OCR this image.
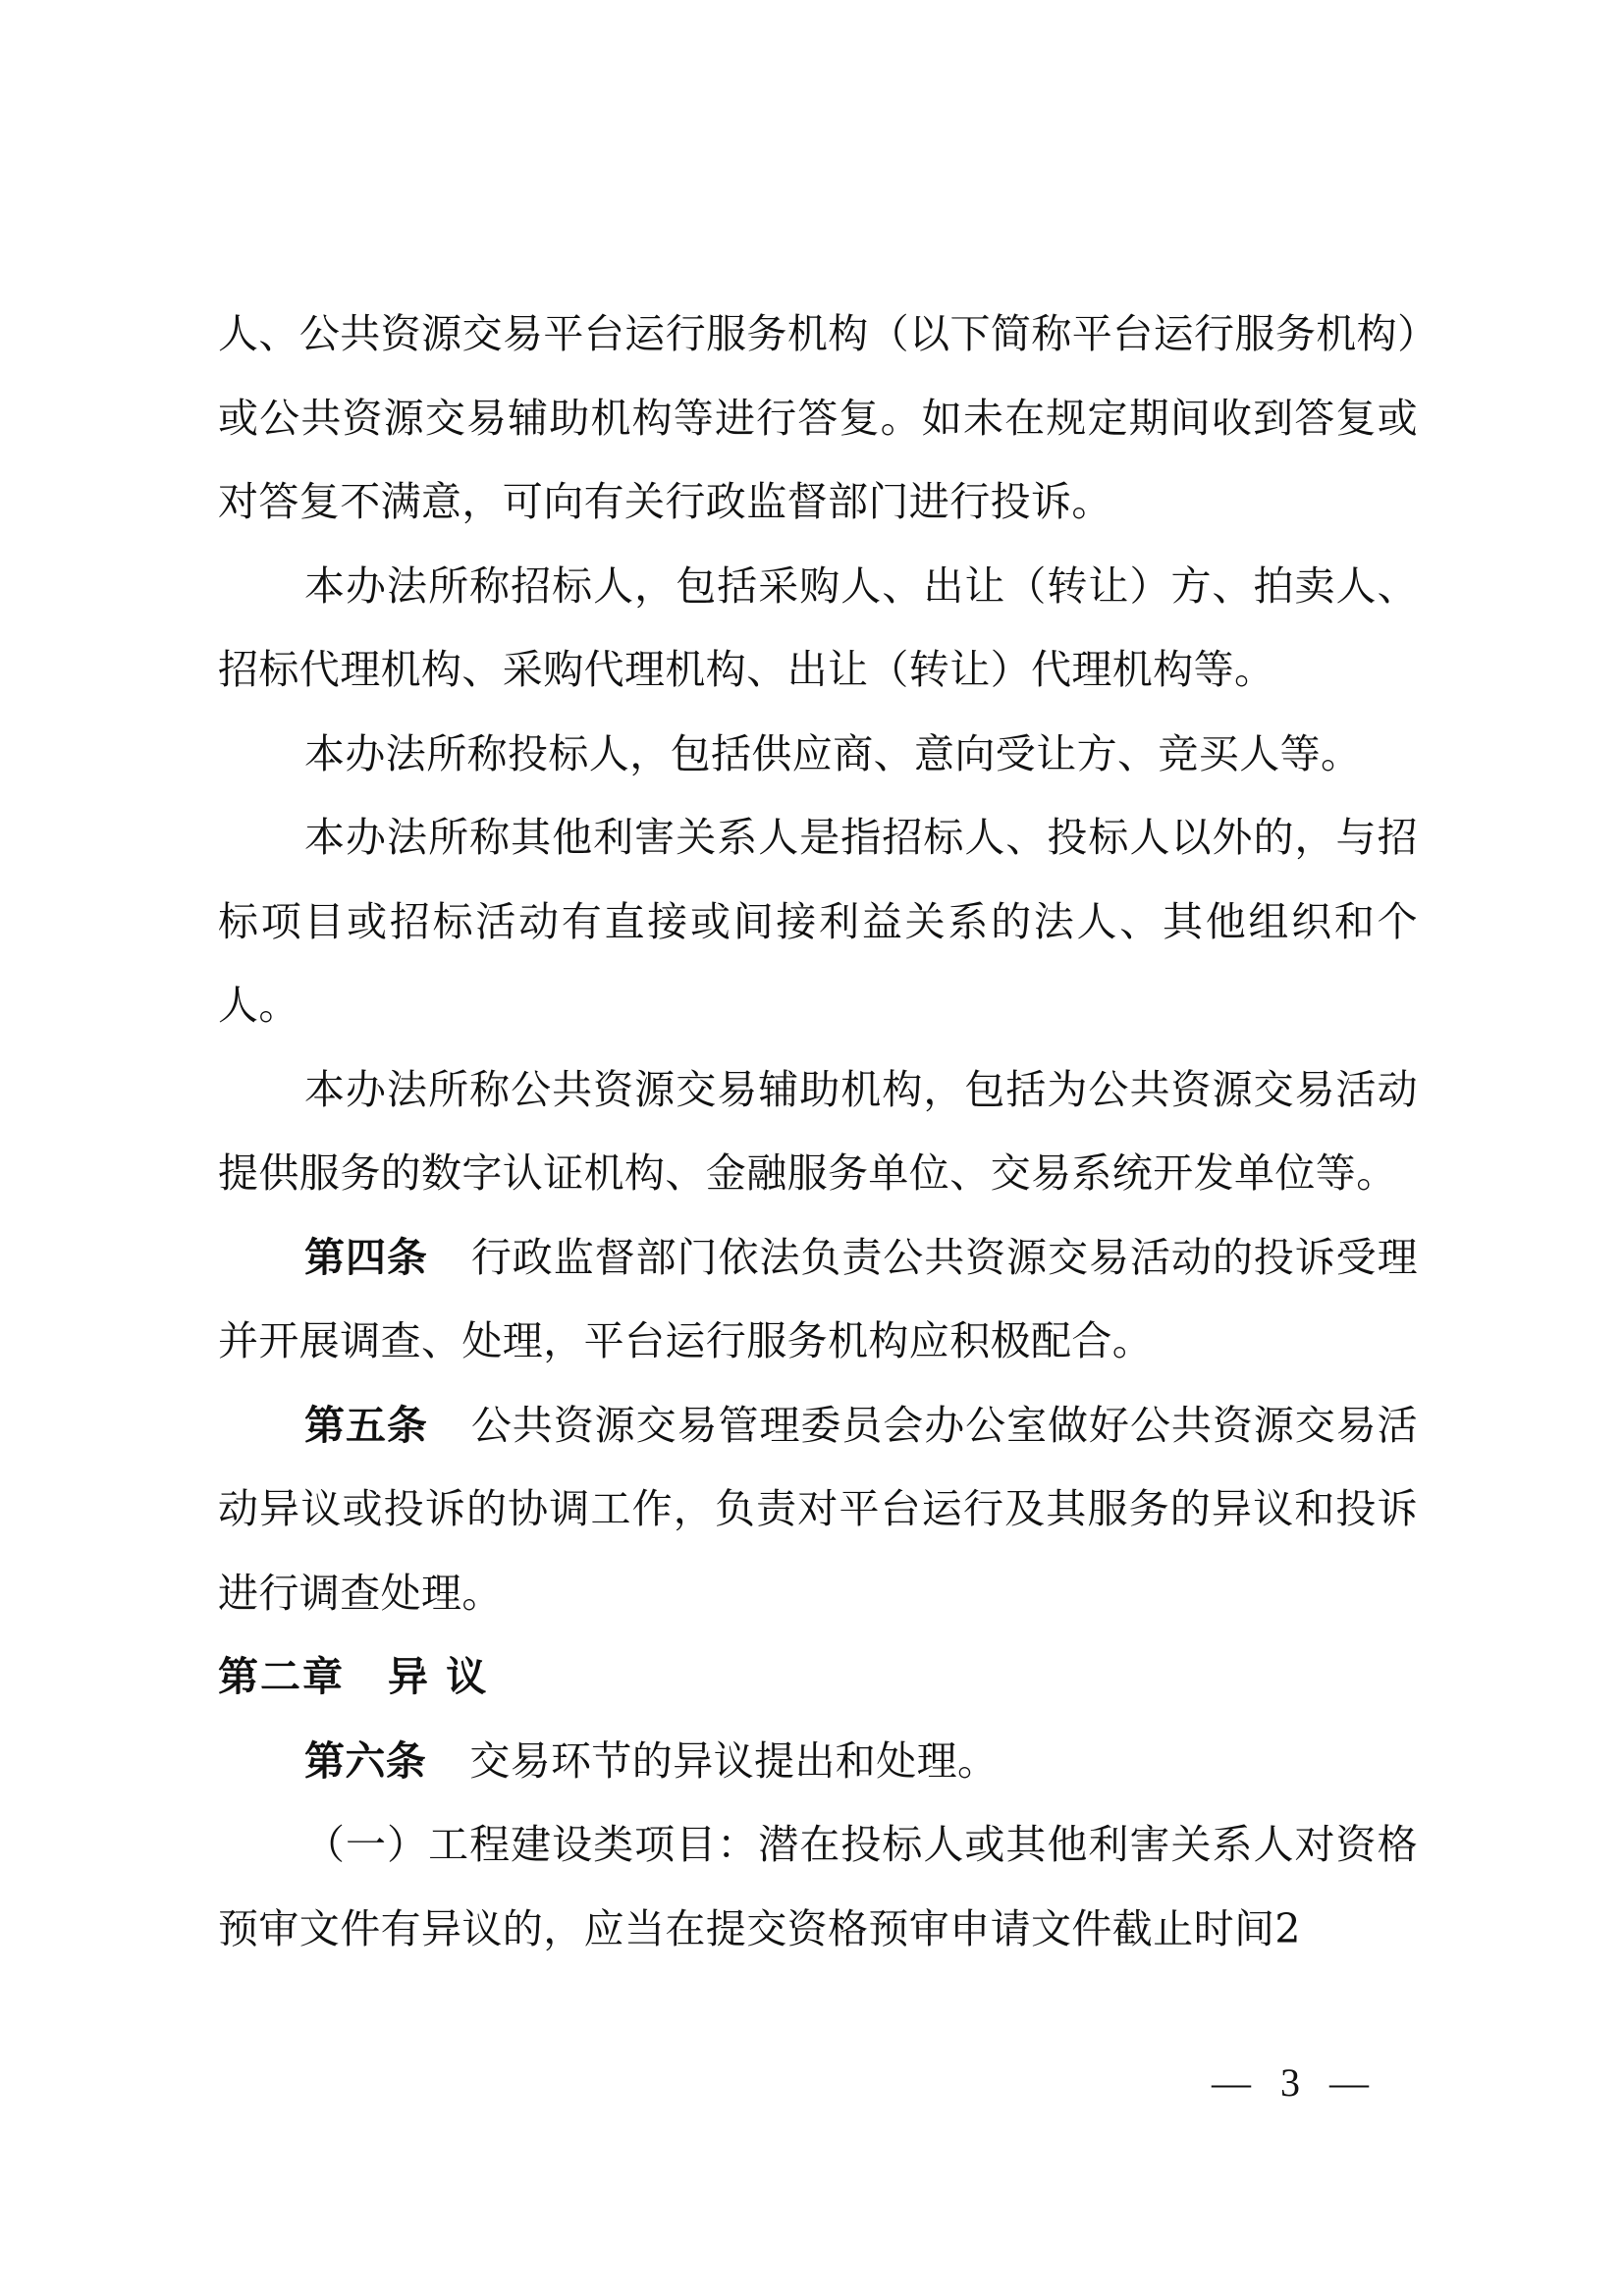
人、公共资源交易平台运行服务机构（以下简称平台运行服务机构）或公共资源交易辅助机构等进行答复。如未在规定期间收到答复或对答复不满意，可向有关行政监督部门进行投诉。

本办法所称招标人，包括采购人、出让（转让）方、拍卖人、招标代理机构、采购代理机构、出让（转让）代理机构等。

本办法所称投标人，包括供应商、意向受让方、竞买人等。

本办法所称其他利害关系人是指招标人、投标人以外的，与招标项目或招标活动有直接或间接利益关系的法人、其他组织和个人。

本办法所称公共资源交易辅助机构，包括为公共资源交易活动提供服务的数字认证机构、金融服务单位、交易系统开发单位等。

第四条 行政监督部门依法负责公共资源交易活动的投诉受理并开展调查、处理，平台运行服务机构应积极配合。

第五条 公共资源交易管理委员会办公室做好公共资源交易活动异议或投诉的协调工作，负责对平台运行及其服务的异议和投诉进行调查处理。

第二章 异 议

第六条 交易环节的异议提出和处理。

（一）工程建设类项目：潜在投标人或其他利害关系人对资格预审文件有异议的，应当在提交资格预审申请文件截止时间2

— 3 —
